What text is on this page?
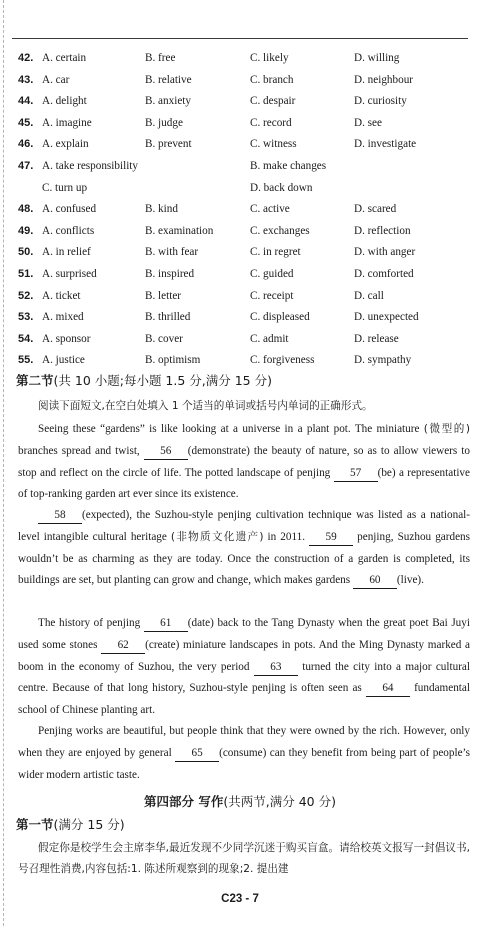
42. A. certain	B. free	C. likely	D. willing
43. A. car	B. relative	C. branch	D. neighbour
44. A. delight	B. anxiety	C. despair	D. curiosity
45. A. imagine	B. judge	C. record	D. see
46. A. explain	B. prevent	C. witness	D. investigate
47. A. take responsibility	B. make changes
C. turn up	D. back down
48. A. confused	B. kind	C. active	D. scared
49. A. conflicts	B. examination	C. exchanges	D. reflection
50. A. in relief	B. with fear	C. in regret	D. with anger
51. A. surprised	B. inspired	C. guided	D. comforted
52. A. ticket	B. letter	C. receipt	D. call
53. A. mixed	B. thrilled	C. displeased	D. unexpected
54. A. sponsor	B. cover	C. admit	D. release
55. A. justice	B. optimism	C. forgiveness	D. sympathy
第二节(共 10 小题;每小题 1.5 分,满分 15 分)
阅读下面短文,在空白处填入 1 个适当的单词或括号内单词的正确形式。
Seeing these “gardens” is like looking at a universe in a plant pot. The miniature (微型的) branches spread and twist, 56 (demonstrate) the beauty of nature, so as to allow viewers to stop and reflect on the circle of life. The potted landscape of penjing 57 (be) a representative of top-ranking garden art ever since its existence.
58 (expected), the Suzhou-style penjing cultivation technique was listed as a national-level intangible cultural heritage (非物质文化遗产) in 2011. 59 penjing, Suzhou gardens wouldn’t be as charming as they are today. Once the construction of a garden is completed, its buildings are set, but planting can grow and change, which makes gardens 60 (live).
The history of penjing 61 (date) back to the Tang Dynasty when the great poet Bai Juyi used some stones 62 (create) miniature landscapes in pots. And the Ming Dynasty marked a boom in the economy of Suzhou, the very period 63 turned the city into a major cultural centre. Because of that long history, Suzhou-style penjing is often seen as 64 fundamental school of Chinese planting art.
Penjing works are beautiful, but people think that they were owned by the rich. However, only when they are enjoyed by general 65 (consume) can they benefit from being part of people’s wider modern artistic taste.
第四部分 写作(共两节,满分 40 分)
第一节(满分 15 分)
假定你是校学生会主席李华,最近发现不少同学沉迷于购买盲盒。请给校英文报写一封倡议书,号召理性消费,内容包括:1. 陈述所观察到的现象;2. 提出建
C23 - 7
